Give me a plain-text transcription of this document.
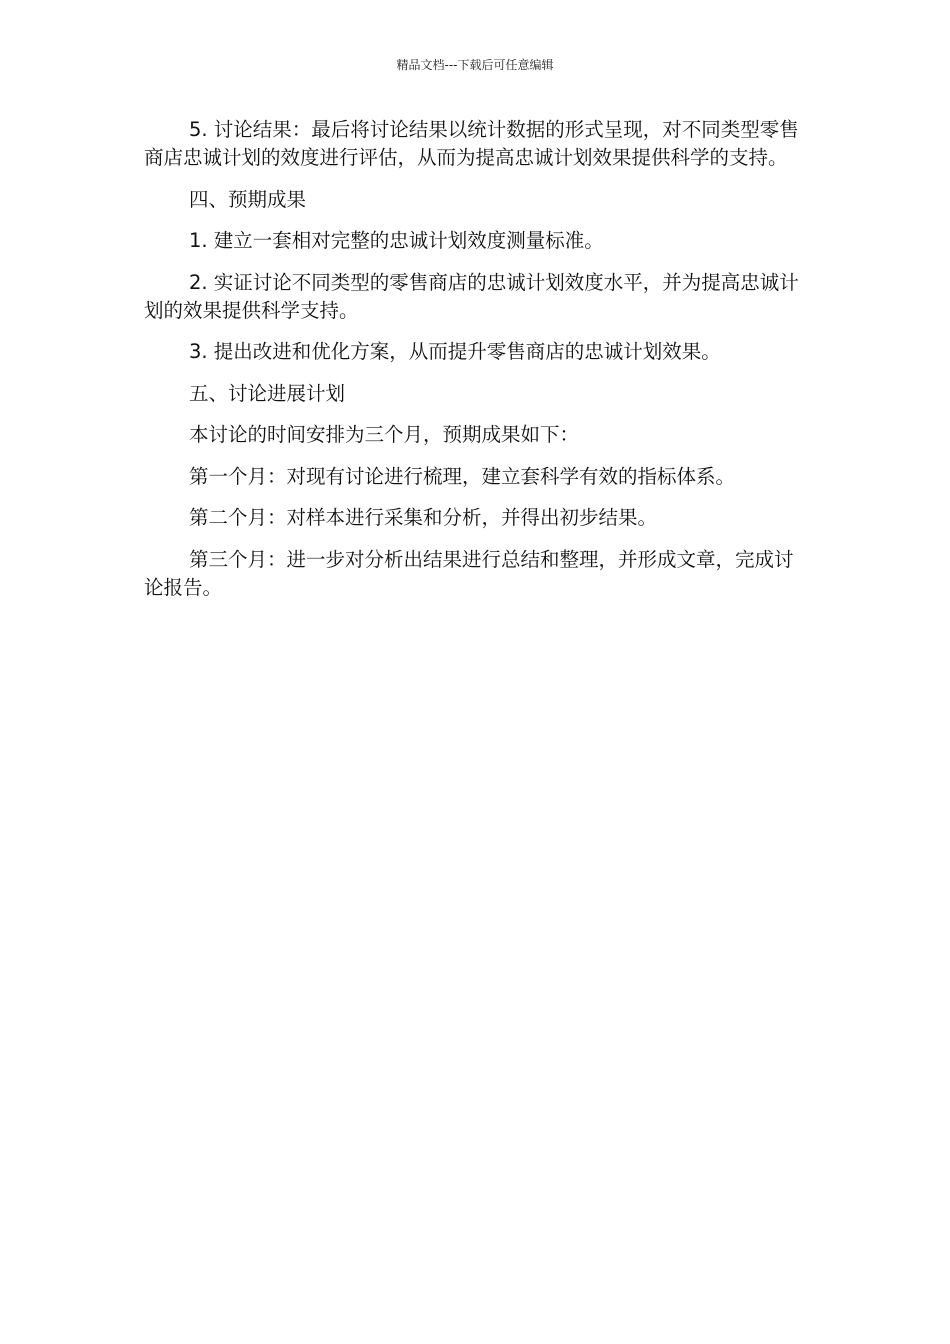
精品文档---下载后可任意编辑

5. 讨论结果：最后将讨论结果以统计数据的形式呈现，对不同类型零售商店忠诚计划的效度进行评估，从而为提高忠诚计划效果提供科学的支持。

四、预期成果

1. 建立一套相对完整的忠诚计划效度测量标准。

2. 实证讨论不同类型的零售商店的忠诚计划效度水平，并为提高忠诚计划的效果提供科学支持。

3. 提出改进和优化方案，从而提升零售商店的忠诚计划效果。

五、讨论进展计划

本讨论的时间安排为三个月，预期成果如下：

第一个月：对现有讨论进行梳理，建立套科学有效的指标体系。

第二个月：对样本进行采集和分析，并得出初步结果。

第三个月：进一步对分析出结果进行总结和整理，并形成文章，完成讨论报告。
